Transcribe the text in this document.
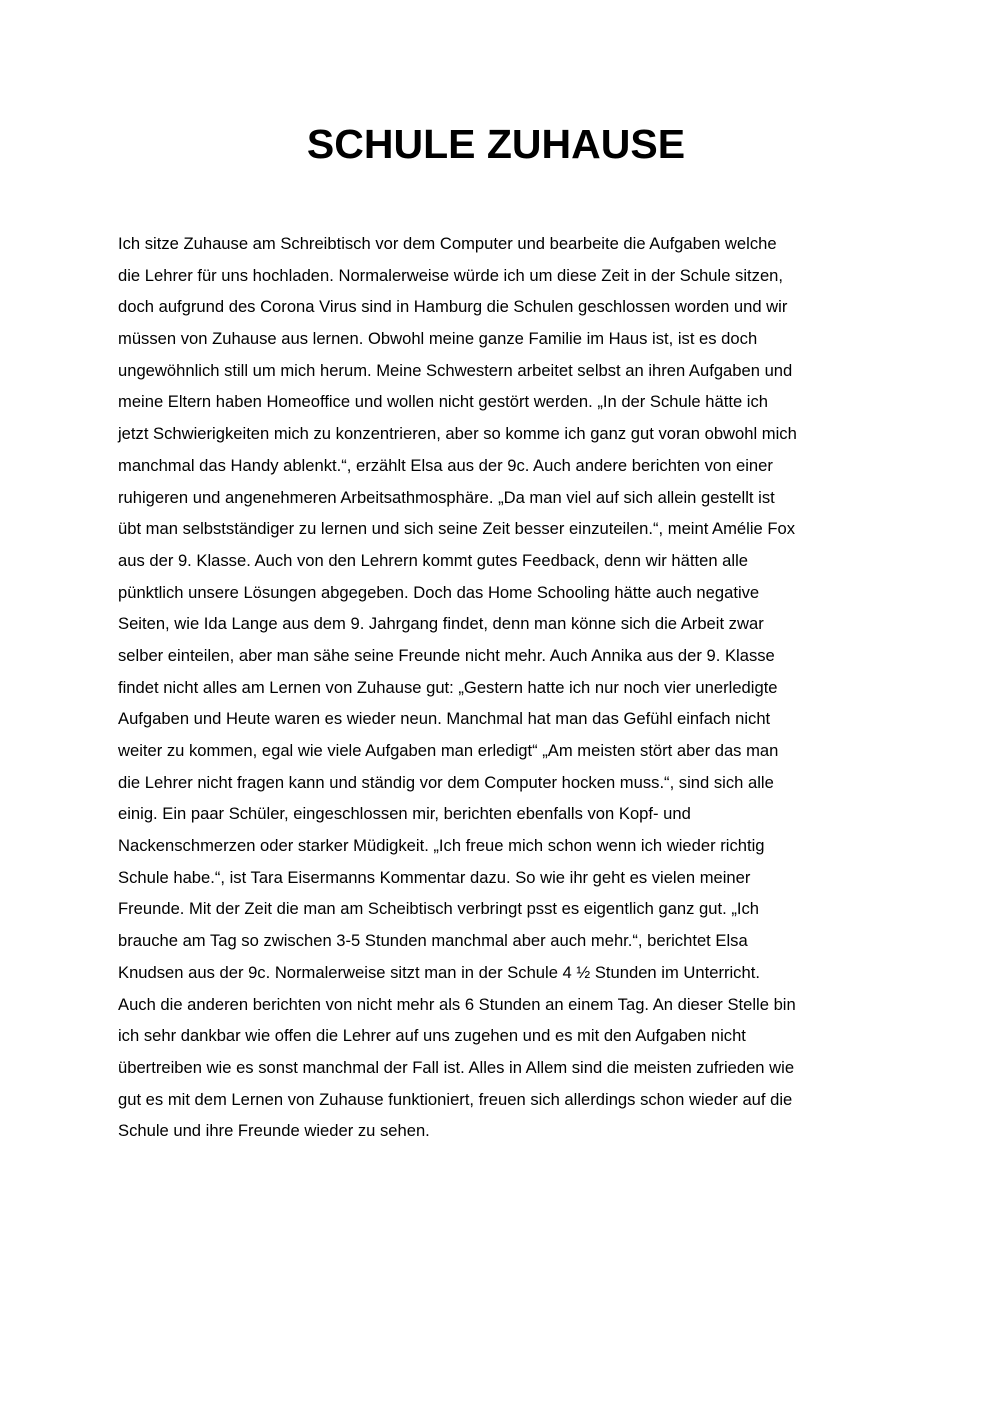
SCHULE ZUHAUSE
Ich sitze Zuhause am Schreibtisch vor dem Computer und bearbeite die Aufgaben welche
die Lehrer für uns hochladen. Normalerweise würde ich um diese Zeit in der Schule sitzen,
doch aufgrund des Corona Virus sind in Hamburg die Schulen geschlossen worden und wir
müssen von Zuhause aus lernen. Obwohl meine ganze Familie im Haus ist, ist es doch
ungewöhnlich still um mich herum. Meine Schwestern arbeitet selbst an ihren Aufgaben und
meine Eltern haben Homeoffice und wollen nicht gestört werden. „In der Schule hätte ich
jetzt Schwierigkeiten mich zu konzentrieren, aber so komme ich ganz gut voran obwohl mich
manchmal das Handy ablenkt.“, erzählt Elsa aus der 9c. Auch andere berichten von einer
ruhigeren und angenehmeren Arbeitsathmosphäre. „Da man viel auf sich allein gestellt ist
übt man selbstständiger zu lernen und sich seine Zeit besser einzuteilen.“, meint Amélie Fox
aus der 9. Klasse. Auch von den Lehrern kommt gutes Feedback, denn wir hätten alle
pünktlich unsere Lösungen abgegeben. Doch das Home Schooling hätte auch negative
Seiten, wie Ida Lange aus dem 9. Jahrgang findet, denn man könne sich die Arbeit zwar
selber einteilen, aber man sähe seine Freunde nicht mehr. Auch Annika aus der 9. Klasse
findet nicht alles am Lernen von Zuhause gut: „Gestern hatte ich nur noch vier unerledigte
Aufgaben und Heute waren es wieder neun. Manchmal hat man das Gefühl einfach nicht
weiter zu kommen, egal wie viele Aufgaben man erledigt“ „Am meisten stört aber das man
die Lehrer nicht fragen kann und ständig vor dem Computer hocken muss.“, sind sich alle
einig. Ein paar Schüler, eingeschlossen mir, berichten ebenfalls von Kopf- und
Nackenschmerzen oder starker Müdigkeit. „Ich freue mich schon wenn ich wieder richtig
Schule habe.“, ist Tara Eisermanns Kommentar dazu. So wie ihr geht es vielen meiner
Freunde. Mit der Zeit die man am Scheibtisch verbringt psst es eigentlich ganz gut. „Ich
brauche am Tag so zwischen 3-5 Stunden manchmal aber auch mehr.“, berichtet Elsa
Knudsen aus der 9c. Normalerweise sitzt man in der Schule 4 ½ Stunden im Unterricht.
Auch die anderen berichten von nicht mehr als 6 Stunden an einem Tag. An dieser Stelle bin
ich sehr dankbar wie offen die Lehrer auf uns zugehen und es mit den Aufgaben nicht
übertreiben wie es sonst manchmal der Fall ist. Alles in Allem sind die meisten zufrieden wie
gut es mit dem Lernen von Zuhause funktioniert, freuen sich allerdings schon wieder auf die
Schule und ihre Freunde wieder zu sehen.
